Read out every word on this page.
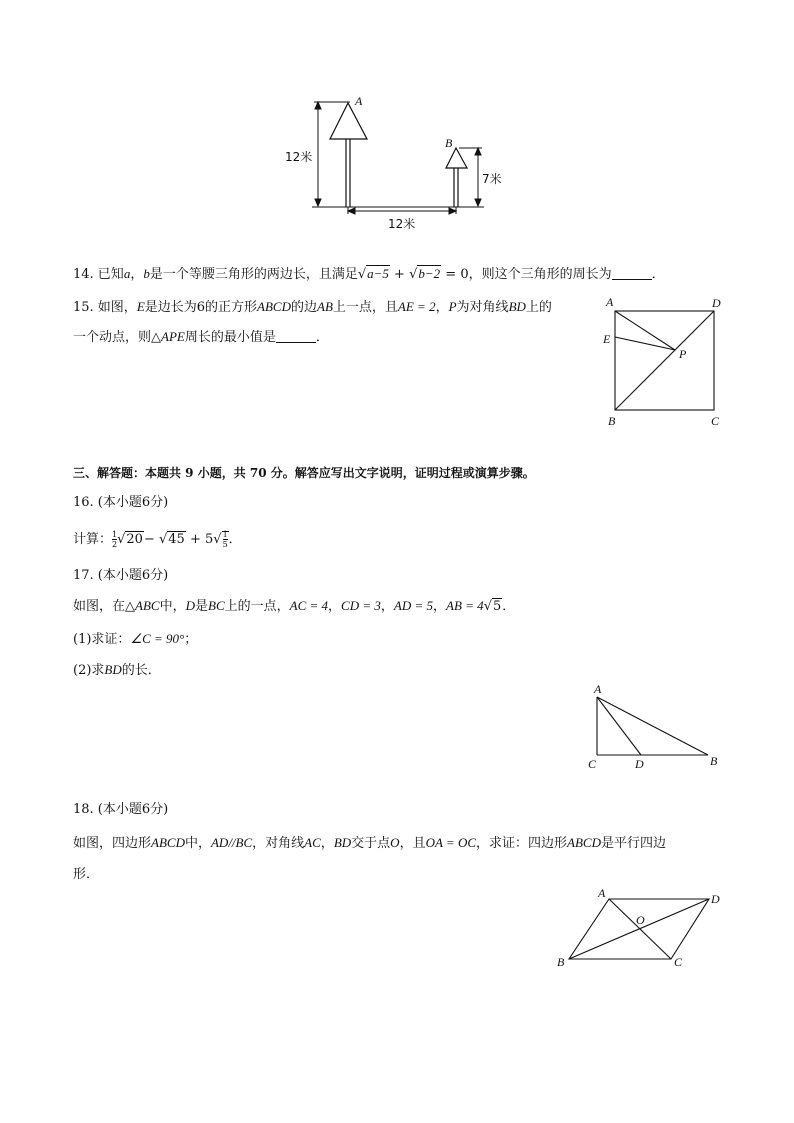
A
B
12米
7米
12米
14. 已知a，b是一个等腰三角形的两边长，且满足√a−5 + √b−2 = 0，则这个三角形的周长为	．
15. 如图，E是边长为6的正方形ABCD的边AB上一点，且AE = 2，P为对角线BD上的
一个动点，则△APE周长的最小值是	．
A	D
E
P
B	C
三、解答题：本题共 9 小题，共 70 分。解答应写出文字说明，证明过程或演算步骤。
16. (本小题6分)
计算： $\frac{1}{2} √20- √45 + 5√ \frac{1}{5}$ ．
17. (本小题6分)
如图，在△ABC中，D是BC上的一点，AC = 4，CD = 3，AD = 5，AB = 4√5．
(1)求证：∠C = 90°；
(2)求BD的长．
A
C	D	B
18. (本小题6分)
如图，四边形ABCD中，AD//BC，对角线AC，BD交于点O，且OA = OC，求证：四边形ABCD是平行四边
形．
A	D
O
B	C
